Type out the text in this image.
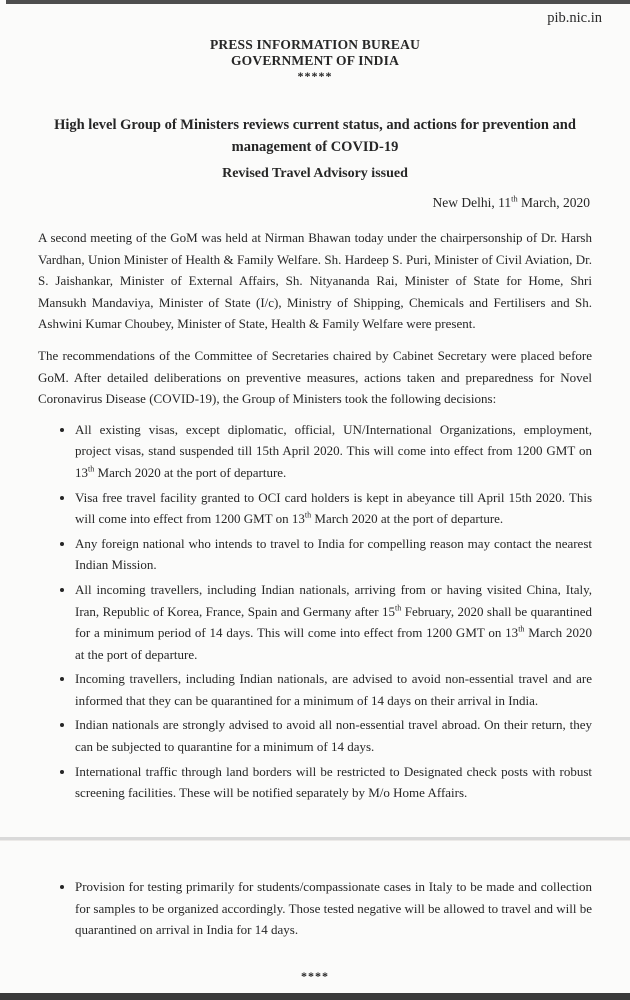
pib.nic.in
PRESS INFORMATION BUREAU
GOVERNMENT OF INDIA
*****
High level Group of Ministers reviews current status, and actions for prevention and management of COVID-19
Revised Travel Advisory issued
New Delhi, 11th March, 2020

A second meeting of the GoM was held at Nirman Bhawan today under the chairpersonship of Dr. Harsh Vardhan, Union Minister of Health & Family Welfare. Sh. Hardeep S. Puri, Minister of Civil Aviation, Dr. S. Jaishankar, Minister of External Affairs, Sh. Nityananda Rai, Minister of State for Home, Shri Mansukh Mandaviya, Minister of State (I/c), Ministry of Shipping, Chemicals and Fertilisers and Sh. Ashwini Kumar Choubey, Minister of State, Health & Family Welfare were present.

The recommendations of the Committee of Secretaries chaired by Cabinet Secretary were placed before GoM. After detailed deliberations on preventive measures, actions taken and preparedness for Novel Coronavirus Disease (COVID-19), the Group of Ministers took the following decisions:

• All existing visas, except diplomatic, official, UN/International Organizations, employment, project visas, stand suspended till 15th April 2020. This will come into effect from 1200 GMT on 13th March 2020 at the port of departure.
• Visa free travel facility granted to OCI card holders is kept in abeyance till April 15th 2020. This will come into effect from 1200 GMT on 13th March 2020 at the port of departure.
• Any foreign national who intends to travel to India for compelling reason may contact the nearest Indian Mission.
• All incoming travellers, including Indian nationals, arriving from or having visited China, Italy, Iran, Republic of Korea, France, Spain and Germany after 15th February, 2020 shall be quarantined for a minimum period of 14 days. This will come into effect from 1200 GMT on 13th March 2020 at the port of departure.
• Incoming travellers, including Indian nationals, are advised to avoid non-essential travel and are informed that they can be quarantined for a minimum of 14 days on their arrival in India.
• Indian nationals are strongly advised to avoid all non-essential travel abroad. On their return, they can be subjected to quarantine for a minimum of 14 days.
• International traffic through land borders will be restricted to Designated check posts with robust screening facilities. These will be notified separately by M/o Home Affairs.
• Provision for testing primarily for students/compassionate cases in Italy to be made and collection for samples to be organized accordingly. Those tested negative will be allowed to travel and will be quarantined on arrival in India for 14 days.
****
